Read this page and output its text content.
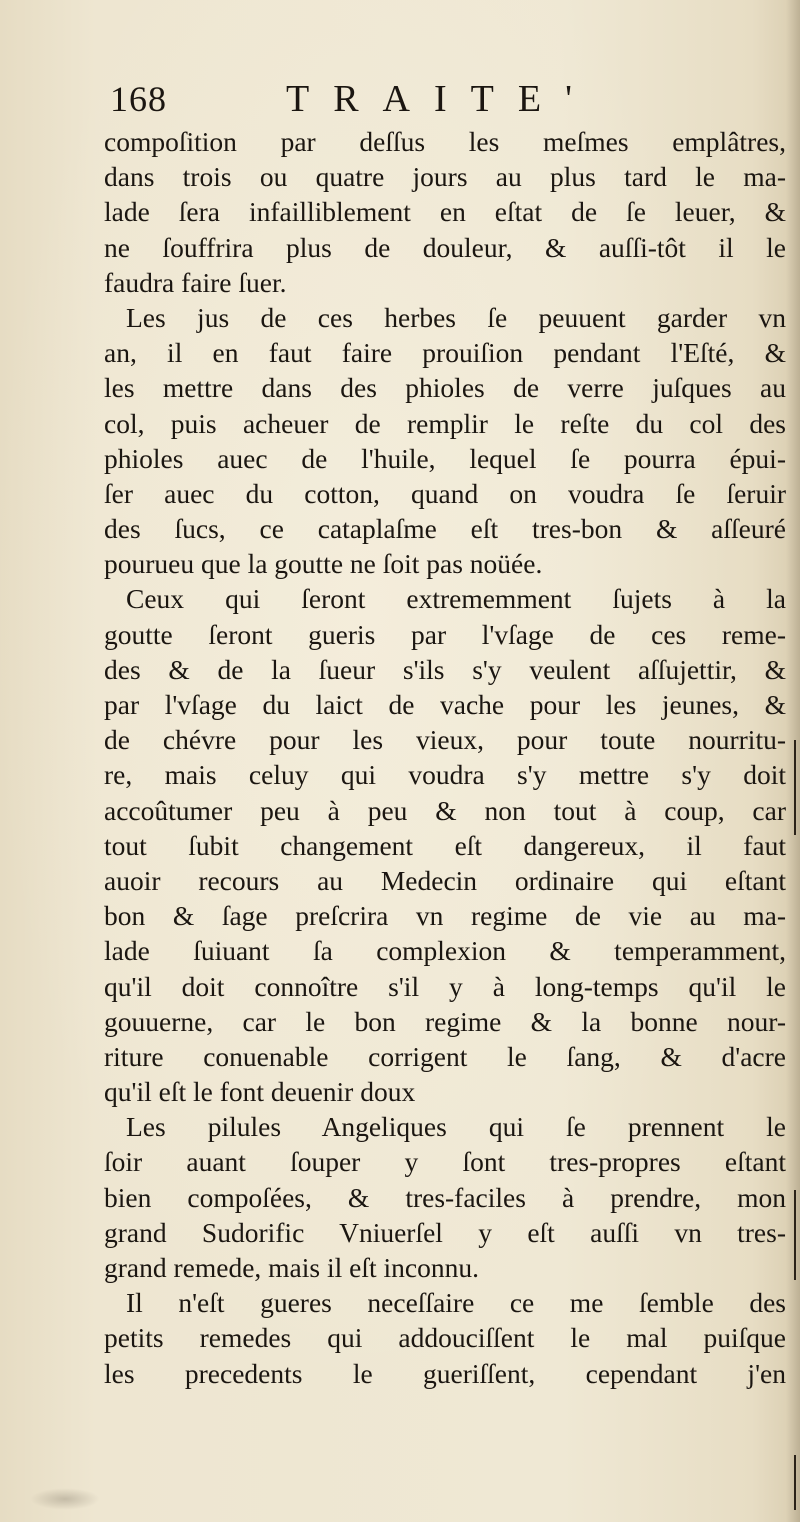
168	TRAITE'
compoſition par deſſus les meſmes emplâtres,
dans trois ou quatre jours au plus tard le ma-
lade ſera infailliblement en eſtat de ſe leuer, &
ne ſouffrira plus de douleur, & auſſi-tôt il le
faudra faire ſuer.
Les jus de ces herbes ſe peuuent garder vn
an, il en faut faire prouiſion pendant l'Eſté, &
les mettre dans des phioles de verre juſques au
col, puis acheuer de remplir le reſte du col des
phioles auec de l'huile, lequel ſe pourra épui-
ſer auec du cotton, quand on voudra ſe ſeruir
des ſucs, ce cataplaſme eſt tres-bon & aſſeuré
pourueu que la goutte ne ſoit pas noüée.
Ceux qui ſeront extrememment ſujets à la
goutte ſeront gueris par l'vſage de ces reme-
des & de la ſueur s'ils s'y veulent aſſujettir, &
par l'vſage du laict de vache pour les jeunes, &
de chévre pour les vieux, pour toute nourritu-
re, mais celuy qui voudra s'y mettre s'y doit
accoûtumer peu à peu & non tout à coup, car
tout ſubit changement eſt dangereux, il faut
auoir recours au Medecin ordinaire qui eſtant
bon & ſage preſcrira vn regime de vie au ma-
lade ſuiuant ſa complexion & temperamment,
qu'il doit connoître s'il y à long-temps qu'il le
gouuerne, car le bon regime & la bonne nour-
riture conuenable corrigent le ſang, & d'acre
qu'il eſt le font deuenir doux
Les pilules Angeliques qui ſe prennent le
ſoir auant ſouper y ſont tres-propres eſtant
bien compoſées, & tres-faciles à prendre, mon
grand Sudorific Vniuerſel y eſt auſſi vn tres-
grand remede, mais il eſt inconnu.
Il n'eſt gueres neceſſaire ce me ſemble des
petits remedes qui addouciſſent le mal puiſque
les precedents le gueriſſent, cependant j'en
